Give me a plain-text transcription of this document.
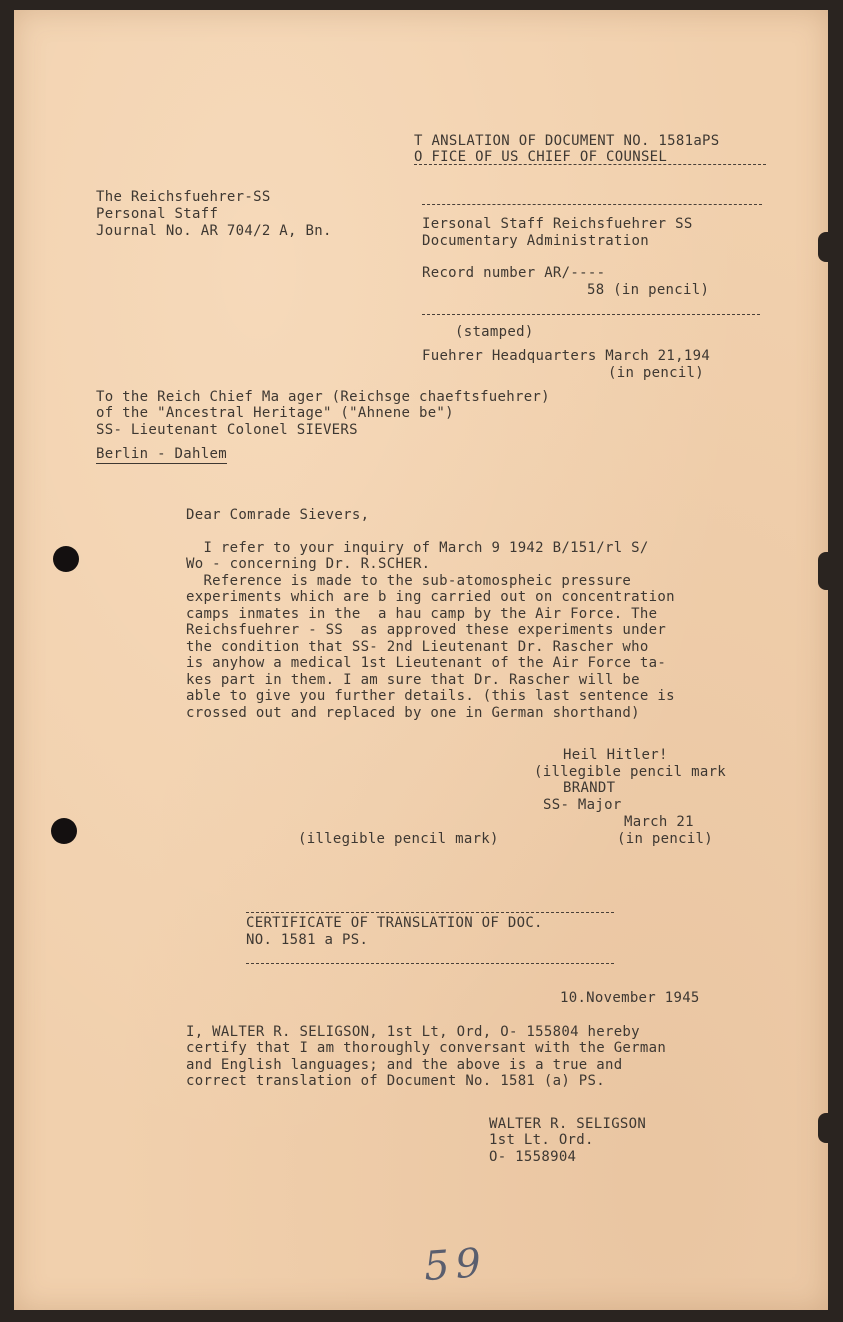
T ANSLATION OF DOCUMENT NO. 1581aPS
O FICE OF US CHIEF OF COUNSEL
The Reichsfuehrer-SS
Personal Staff
Journal No. AR 704/2 A, Bn.	Iersonal Staff Reichsfuehrer SS
Documentary Administration
Record number AR/----
58 (in pencil)
(stamped)
Fuehrer Headquarters March 21,194
(in pencil)
To the Reich Chief Ma ager (Reichsge chaeftsfuehrer)
of the "Ancestral Heritage" ("Ahnene be")
SS- Lieutenant Colonel SIEVERS
Berlin - Dahlem
Dear Comrade Sievers,
I refer to your inquiry of March 9 1942 B/151/rl S/
Wo - concerning Dr. R.SCHER.
Reference is made to the sub-atomospheic pressure
experiments which are b ing carried out on concentration
camps inmates in the  a hau camp by the Air Force. The
Reichsfuehrer - SS  as approved these experiments under
the condition that SS- 2nd Lieutenant Dr. Rascher who
is anyhow a medical 1st Lieutenant of the Air Force ta-
kes part in them. I am sure that Dr. Rascher will be
able to give you further details. (this last sentence is
crossed out and replaced by one in German shorthand)
Heil Hitler!
(illegible pencil mark
BRANDT
SS- Major
March 21
(in pencil)
(illegible pencil mark)
CERTIFICATE OF TRANSLATION OF DOC.
NO. 1581 a PS.
10.November 1945
I, WALTER R. SELIGSON, 1st Lt, Ord, O- 155804 hereby
certify that I am thoroughly conversant with the German
and English languages; and the above is a true and
correct translation of Document No. 1581 (a) PS.
WALTER R. SELIGSON
1st Lt. Ord.
O- 1558904
59
